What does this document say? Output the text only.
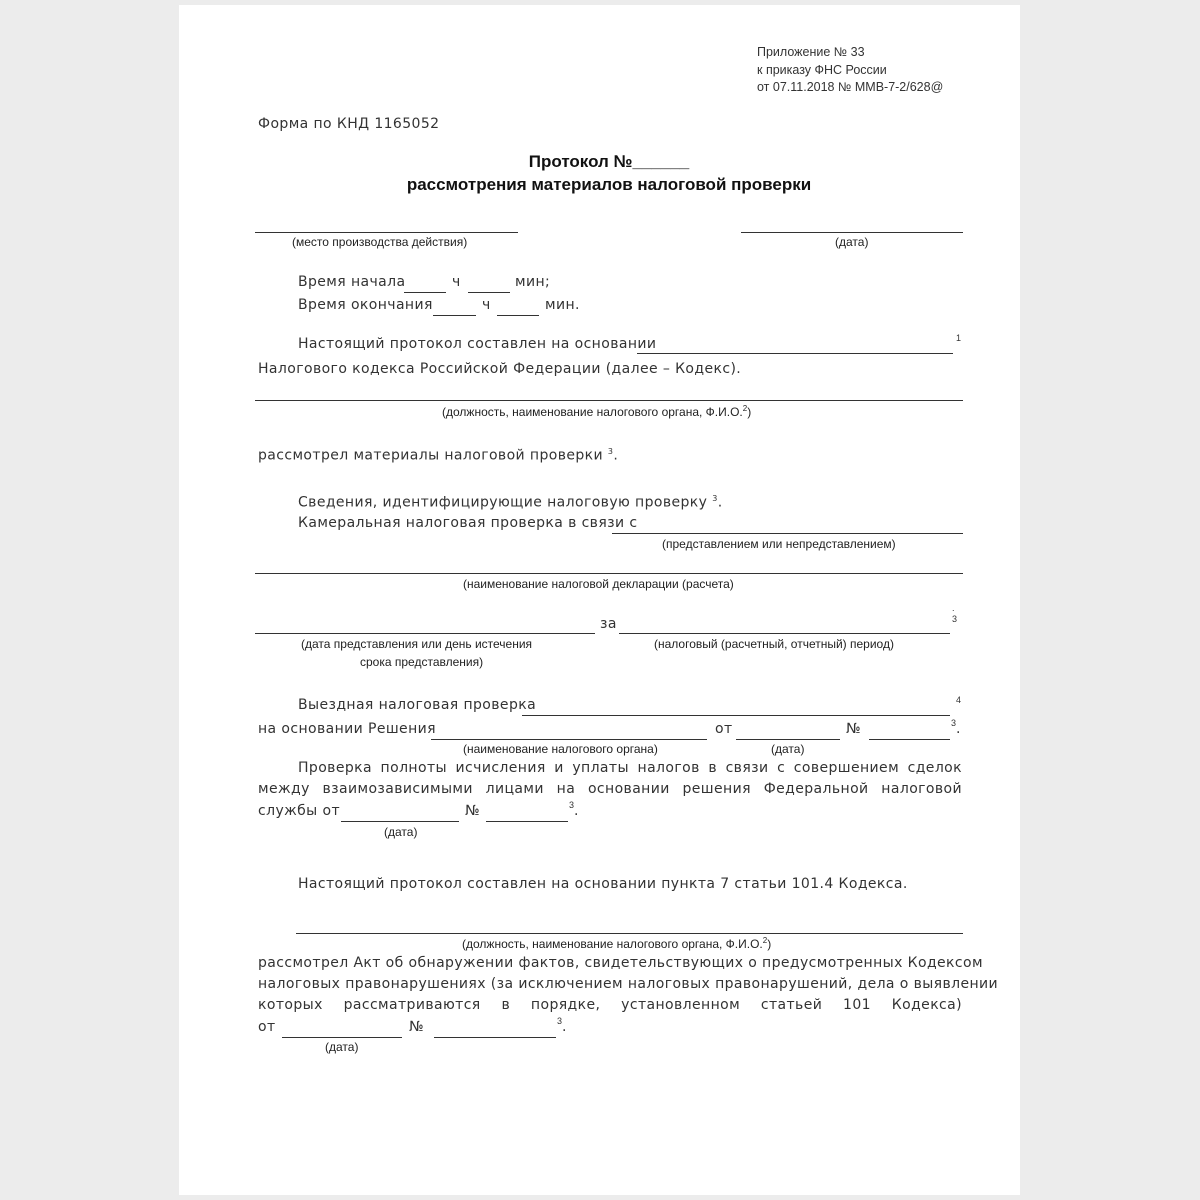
Приложение № 33
к приказу ФНС России
от 07.11.2018 № ММВ-7-2/628@
Форма по КНД 1165052
Протокол №______
рассмотрения материалов налоговой проверки
(место производства действия)	(дата)
Время начала	ч	мин;
Время окончания	ч	мин.
Настоящий протокол составлен на основании	1
Налогового кодекса Российской Федерации (далее – Кодекс).
(должность, наименование налогового органа, Ф.И.О.$^2$)
рассмотрел материалы налоговой проверки $^3$.
Сведения, идентифицирующие налоговую проверку $^3$.
Камеральная налоговая проверка в связи с
(представлением или непредставлением)
(наименование налоговой декларации (расчета)
.
за	3
(дата представления или день истечения
срока представления)
(налоговый (расчетный, отчетный) период)
Выездная налоговая проверка	4
на основании Решения	от	№	3 .
(наименование налогового органа)	(дата)
Проверка полноты исчисления и уплаты налогов в связи с совершением сделок
между взаимозависимыми лицами на основании решения Федеральной налоговой
службы от	№	3 .
(дата)
Настоящий протокол составлен на основании пункта 7 статьи 101.4 Кодекса.
(должность, наименование налогового органа, Ф.И.О.$^2$)
рассмотрел Акт об обнаружении фактов, свидетельствующих о предусмотренных Кодексом
налоговых правонарушениях (за исключением налоговых правонарушений, дела о выявлении
которых рассматриваются в порядке, установленном статьей 101 Кодекса)
от	№	3 .
(дата)
